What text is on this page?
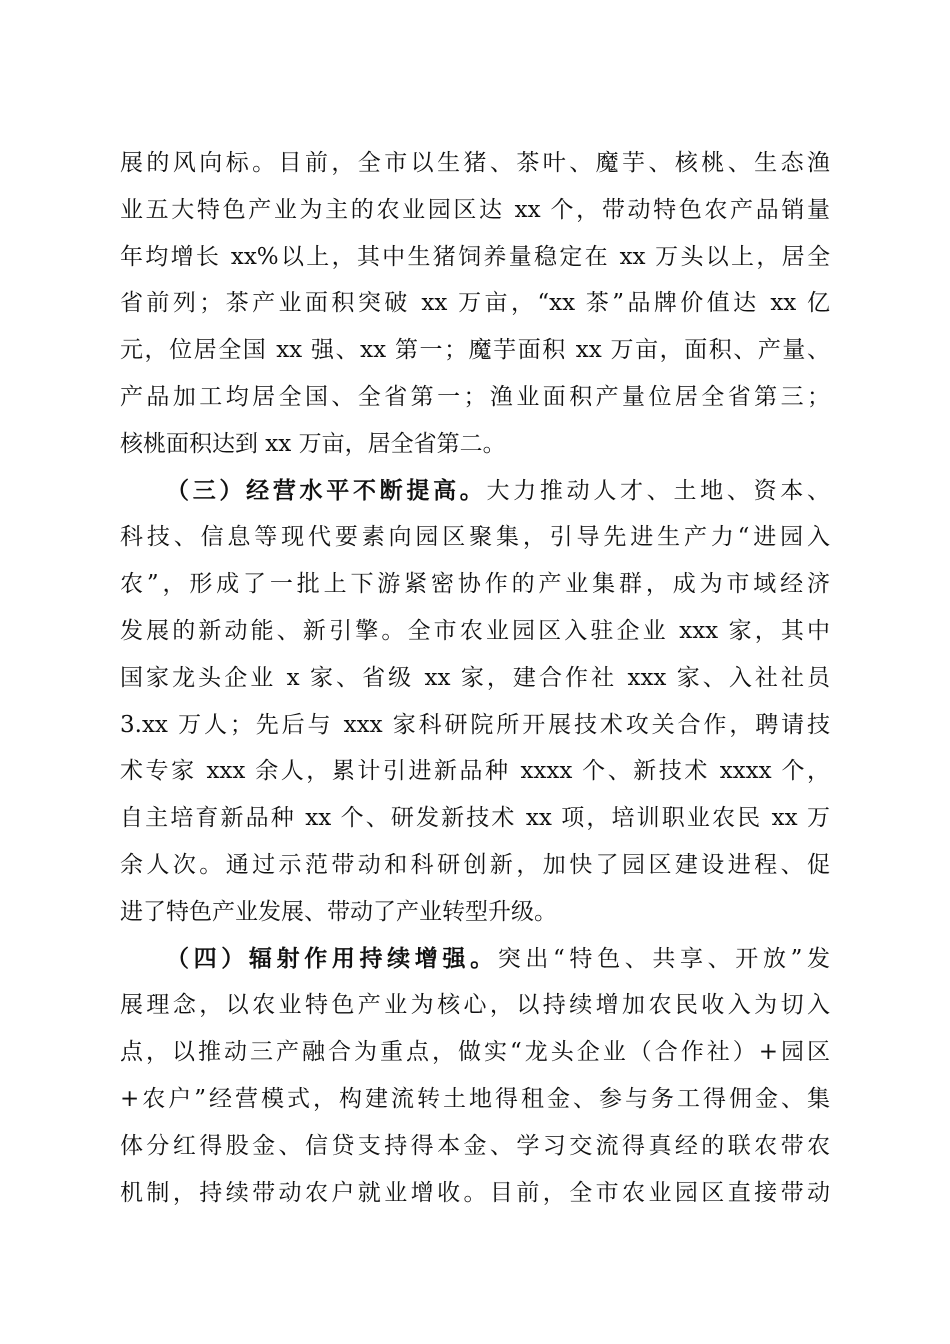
展的风向标。目前，全市以生猪、茶叶、魔芋、核桃、生态渔
业五大特色产业为主的农业园区达 xx 个，带动特色农产品销量
年均增长 xx%以上，其中生猪饲养量稳定在 xx 万头以上，居全
省前列；茶产业面积突破 xx 万亩，“xx 茶”品牌价值达 xx 亿
元，位居全国 xx 强、xx 第一；魔芋面积 xx 万亩，面积、产量、
产品加工均居全国、全省第一；渔业面积产量位居全省第三；
核桃面积达到 xx 万亩，居全省第二。
（三）经营水平不断提高。大力推动人才、土地、资本、
科技、信息等现代要素向园区聚集，引导先进生产力“进园入
农”，形成了一批上下游紧密协作的产业集群，成为市域经济
发展的新动能、新引擎。全市农业园区入驻企业 xxx 家，其中
国家龙头企业 x 家、省级 xx 家，建合作社 xxx 家、入社社员
3.xx 万人；先后与 xxx 家科研院所开展技术攻关合作，聘请技
术专家 xxx 余人，累计引进新品种 xxxx 个、新技术 xxxx 个，
自主培育新品种 xx 个、研发新技术 xx 项，培训职业农民 xx 万
余人次。通过示范带动和科研创新，加快了园区建设进程、促
进了特色产业发展、带动了产业转型升级。
（四）辐射作用持续增强。突出“特色、共享、开放”发
展理念，以农业特色产业为核心，以持续增加农民收入为切入
点，以推动三产融合为重点，做实“龙头企业（合作社）+园区
+农户”经营模式，构建流转土地得租金、参与务工得佣金、集
体分红得股金、信贷支持得本金、学习交流得真经的联农带农
机制，持续带动农户就业增收。目前，全市农业园区直接带动
